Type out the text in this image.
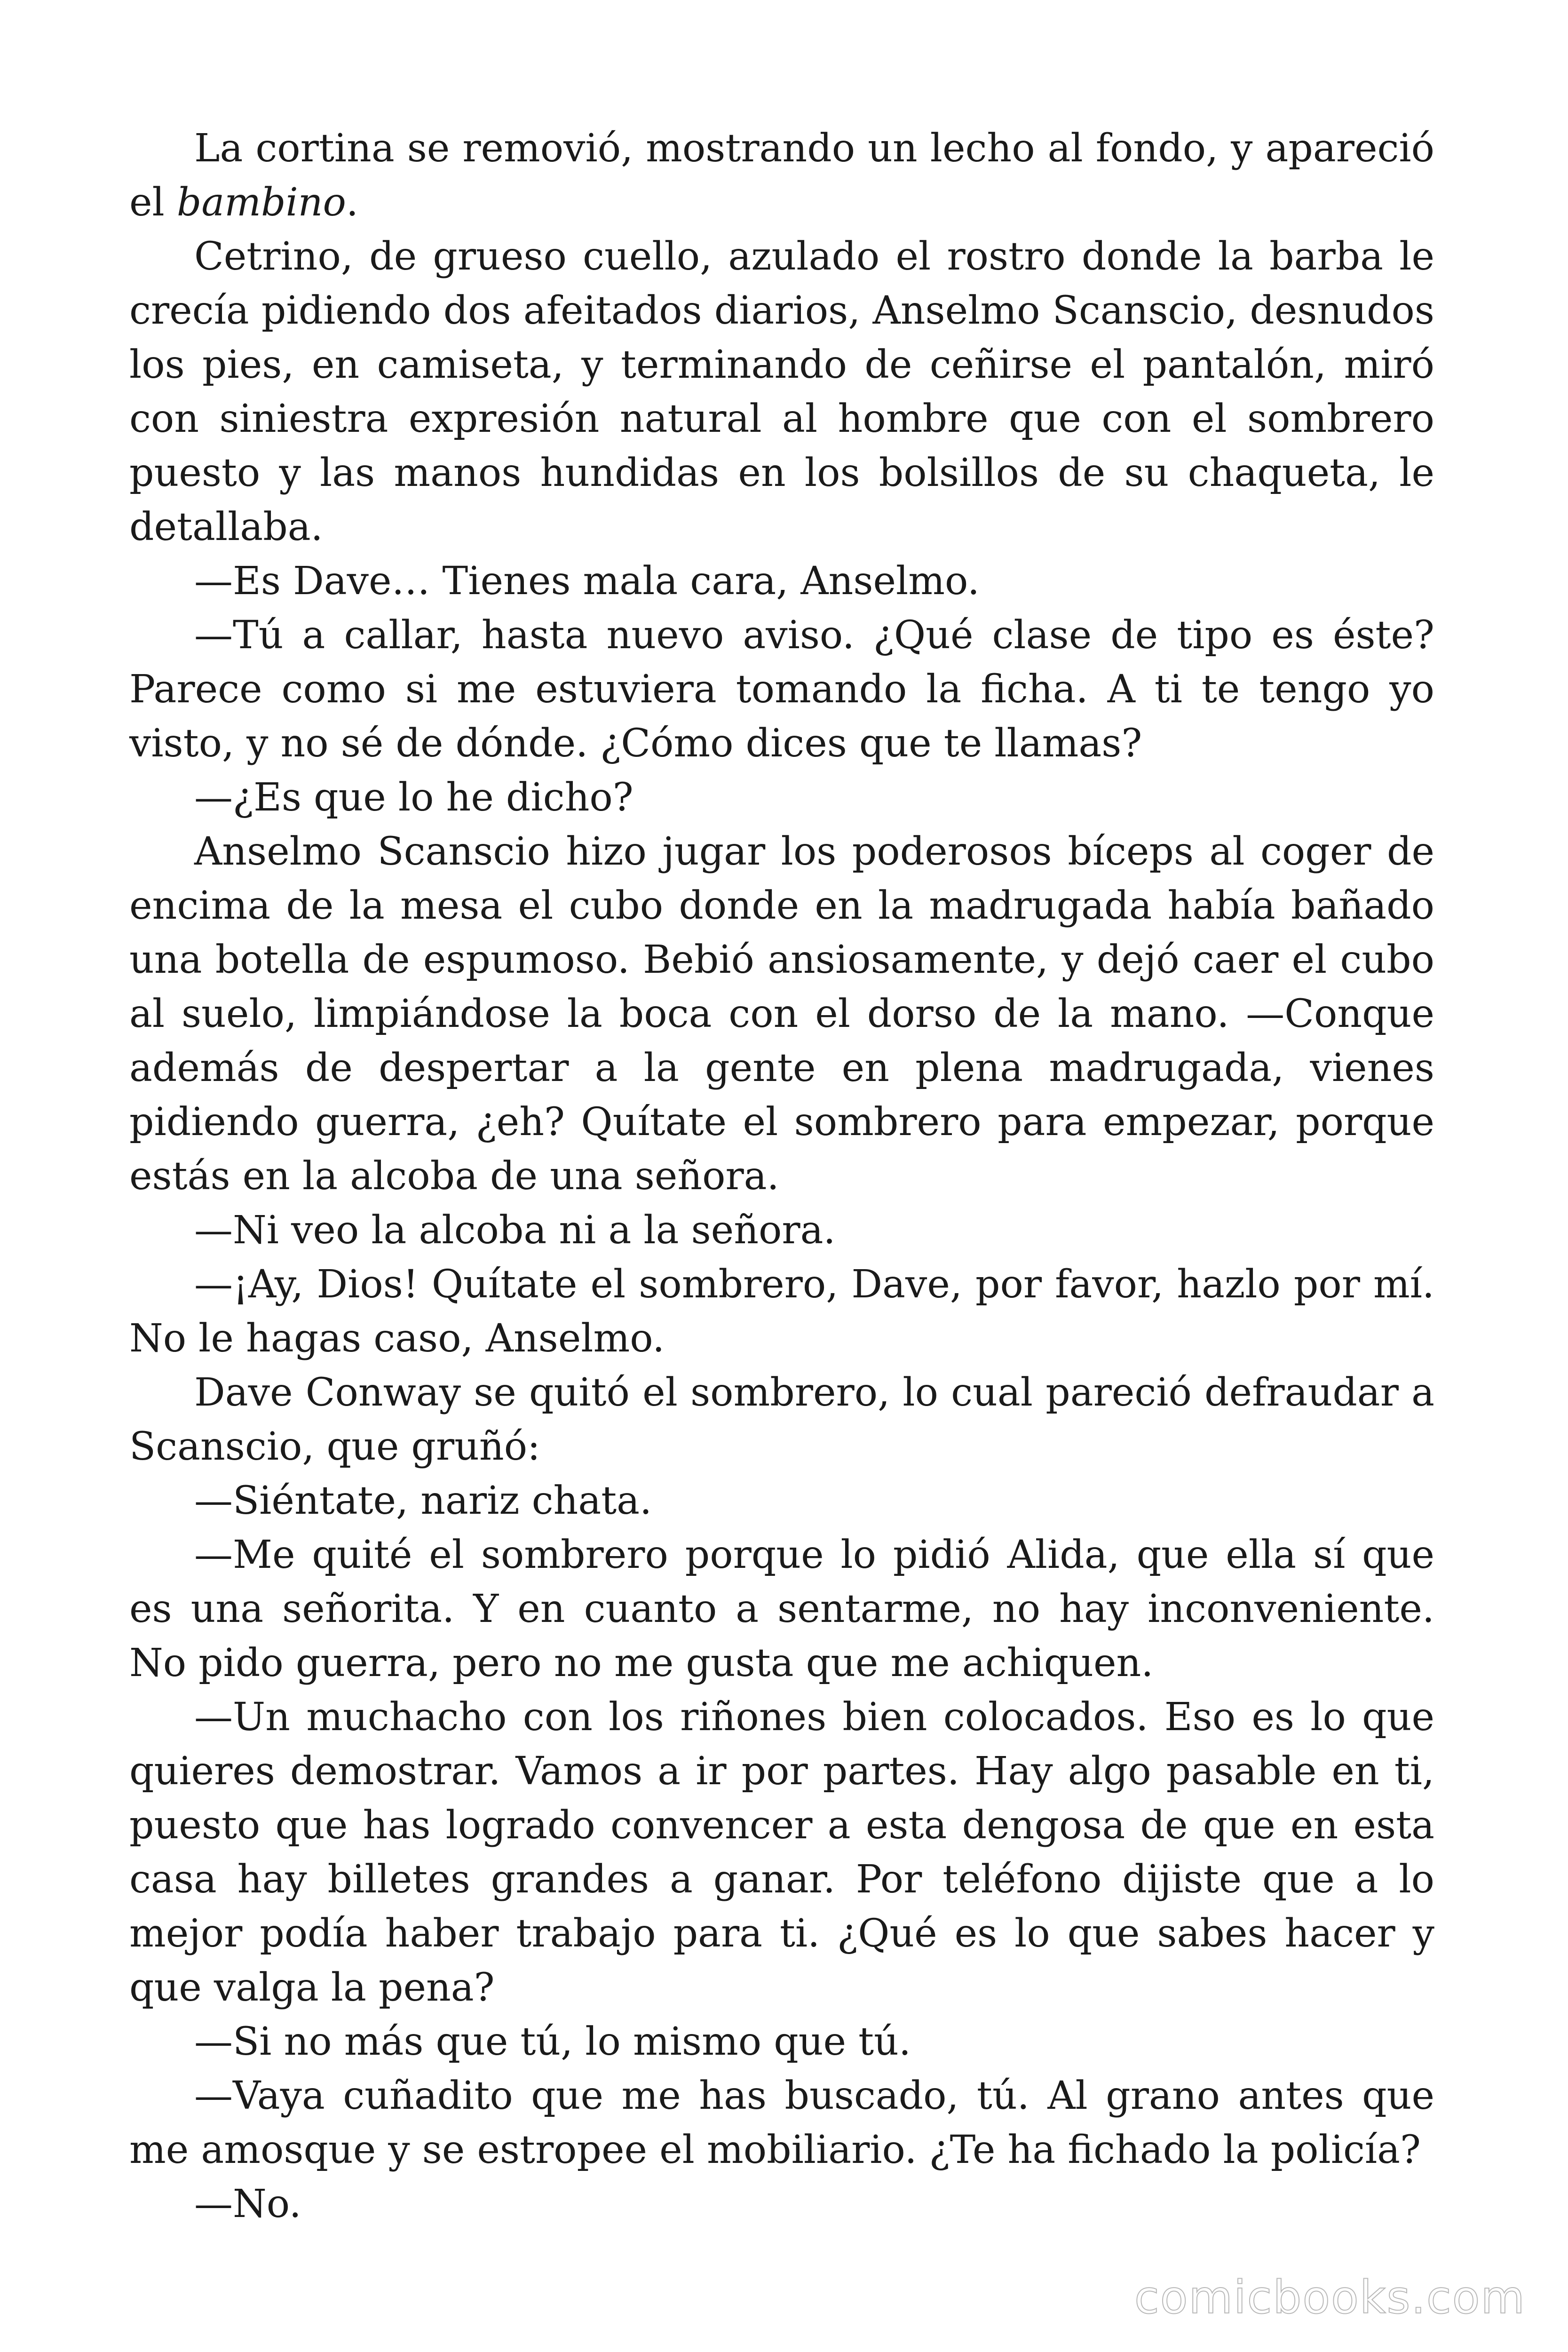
La cortina se removió, mostrando un lecho al fondo, y apareció el bambino.

Cetrino, de grueso cuello, azulado el rostro donde la barba le crecía pidiendo dos afeitados diarios, Anselmo Scanscio, desnudos los pies, en camiseta, y terminando de ceñirse el pantalón, miró con siniestra expresión natural al hombre que con el sombrero puesto y las manos hundidas en los bolsillos de su chaqueta, le detallaba.

—Es Dave… Tienes mala cara, Anselmo.

—Tú a callar, hasta nuevo aviso. ¿Qué clase de tipo es éste? Parece como si me estuviera tomando la ficha. A ti te tengo yo visto, y no sé de dónde. ¿Cómo dices que te llamas?

—¿Es que lo he dicho?

Anselmo Scanscio hizo jugar los poderosos bíceps al coger de encima de la mesa el cubo donde en la madrugada había bañado una botella de espumoso. Bebió ansiosamente, y dejó caer el cubo al suelo, limpiándose la boca con el dorso de la mano. —Conque además de despertar a la gente en plena madrugada, vienes pidiendo guerra, ¿eh? Quítate el sombrero para empezar, porque estás en la alcoba de una señora.

—Ni veo la alcoba ni a la señora.

—¡Ay, Dios! Quítate el sombrero, Dave, por favor, hazlo por mí. No le hagas caso, Anselmo.

Dave Conway se quitó el sombrero, lo cual pareció defraudar a Scanscio, que gruñó:

—Siéntate, nariz chata.

—Me quité el sombrero porque lo pidió Alida, que ella sí que es una señorita. Y en cuanto a sentarme, no hay inconveniente. No pido guerra, pero no me gusta que me achiquen.

—Un muchacho con los riñones bien colocados. Eso es lo que quieres demostrar. Vamos a ir por partes. Hay algo pasable en ti, puesto que has logrado convencer a esta dengosa de que en esta casa hay billetes grandes a ganar. Por teléfono dijiste que a lo mejor podía haber trabajo para ti. ¿Qué es lo que sabes hacer y que valga la pena?

—Si no más que tú, lo mismo que tú.

—Vaya cuñadito que me has buscado, tú. Al grano antes que me amosque y se estropee el mobiliario. ¿Te ha fichado la policía?

—No.

comicbooks.com
